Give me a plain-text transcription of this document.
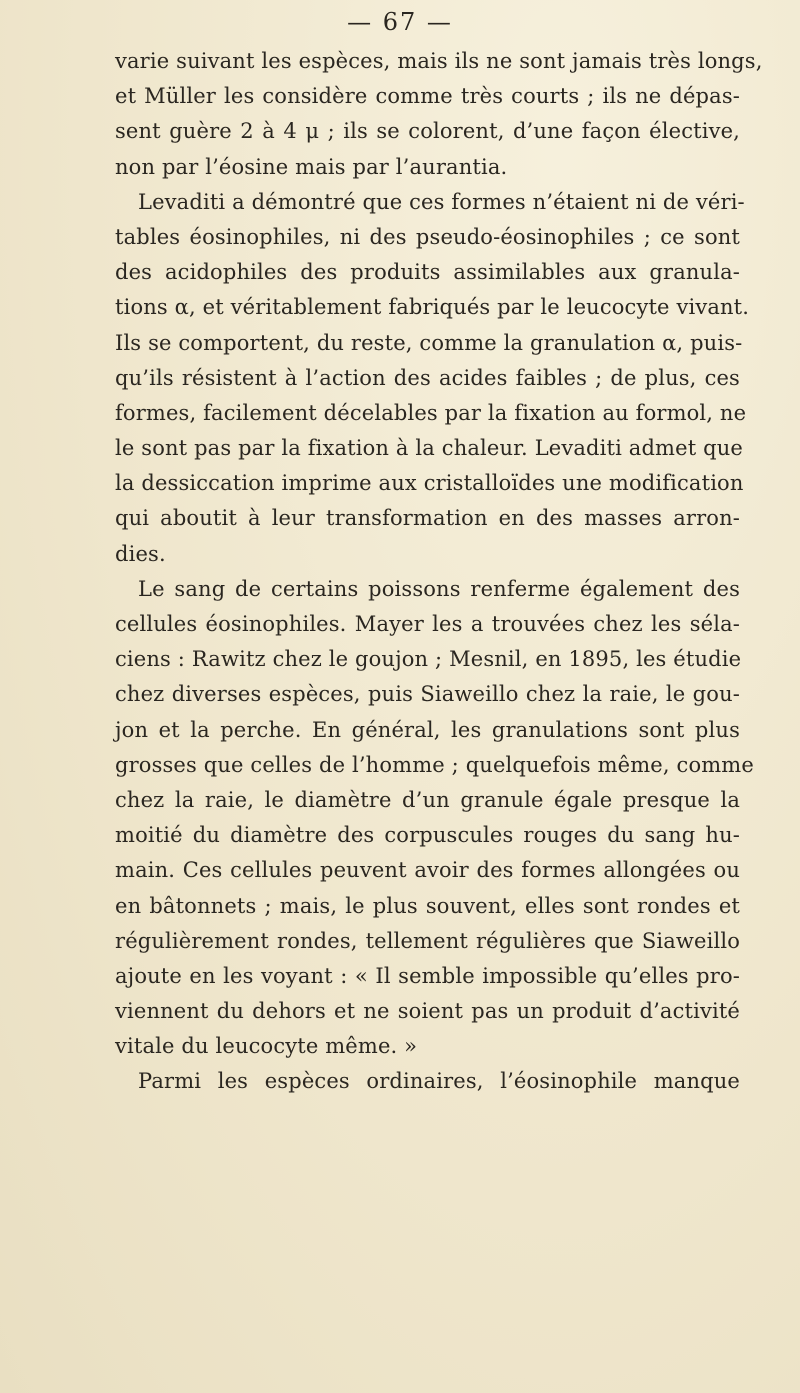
— 67 —
varie suivant les espèces, mais ils ne sont jamais très longs,
et Müller les considère comme très courts ; ils ne dépas-
sent guère 2 à 4 μ ; ils se colorent, d’une façon élective,
non par l’éosine mais par l’aurantia.
Levaditi a démontré que ces formes n’étaient ni de véri-
tables éosinophiles, ni des pseudo-éosinophiles ; ce sont
des acidophiles des produits assimilables aux granula-
tions α, et véritablement fabriqués par le leucocyte vivant.
Ils se comportent, du reste, comme la granulation α, puis-
qu’ils résistent à l’action des acides faibles ; de plus, ces
formes, facilement décelables par la fixation au formol, ne
le sont pas par la fixation à la chaleur. Levaditi admet que
la dessiccation imprime aux cristalloïdes une modification
qui aboutit à leur transformation en des masses arron-
dies.
Le sang de certains poissons renferme également des
cellules éosinophiles. Mayer les a trouvées chez les séla-
ciens : Rawitz chez le goujon ; Mesnil, en 1895, les étudie
chez diverses espèces, puis Siaweillo chez la raie, le gou-
jon et la perche. En général, les granulations sont plus
grosses que celles de l’homme ; quelquefois même, comme
chez la raie, le diamètre d’un granule égale presque la
moitié du diamètre des corpuscules rouges du sang hu-
main. Ces cellules peuvent avoir des formes allongées ou
en bâtonnets ; mais, le plus souvent, elles sont rondes et
régulièrement rondes, tellement régulières que Siaweillo
ajoute en les voyant : « Il semble impossible qu’elles pro-
viennent du dehors et ne soient pas un produit d’activité
vitale du leucocyte même. »
Parmi les espèces ordinaires, l’éosinophile manque
